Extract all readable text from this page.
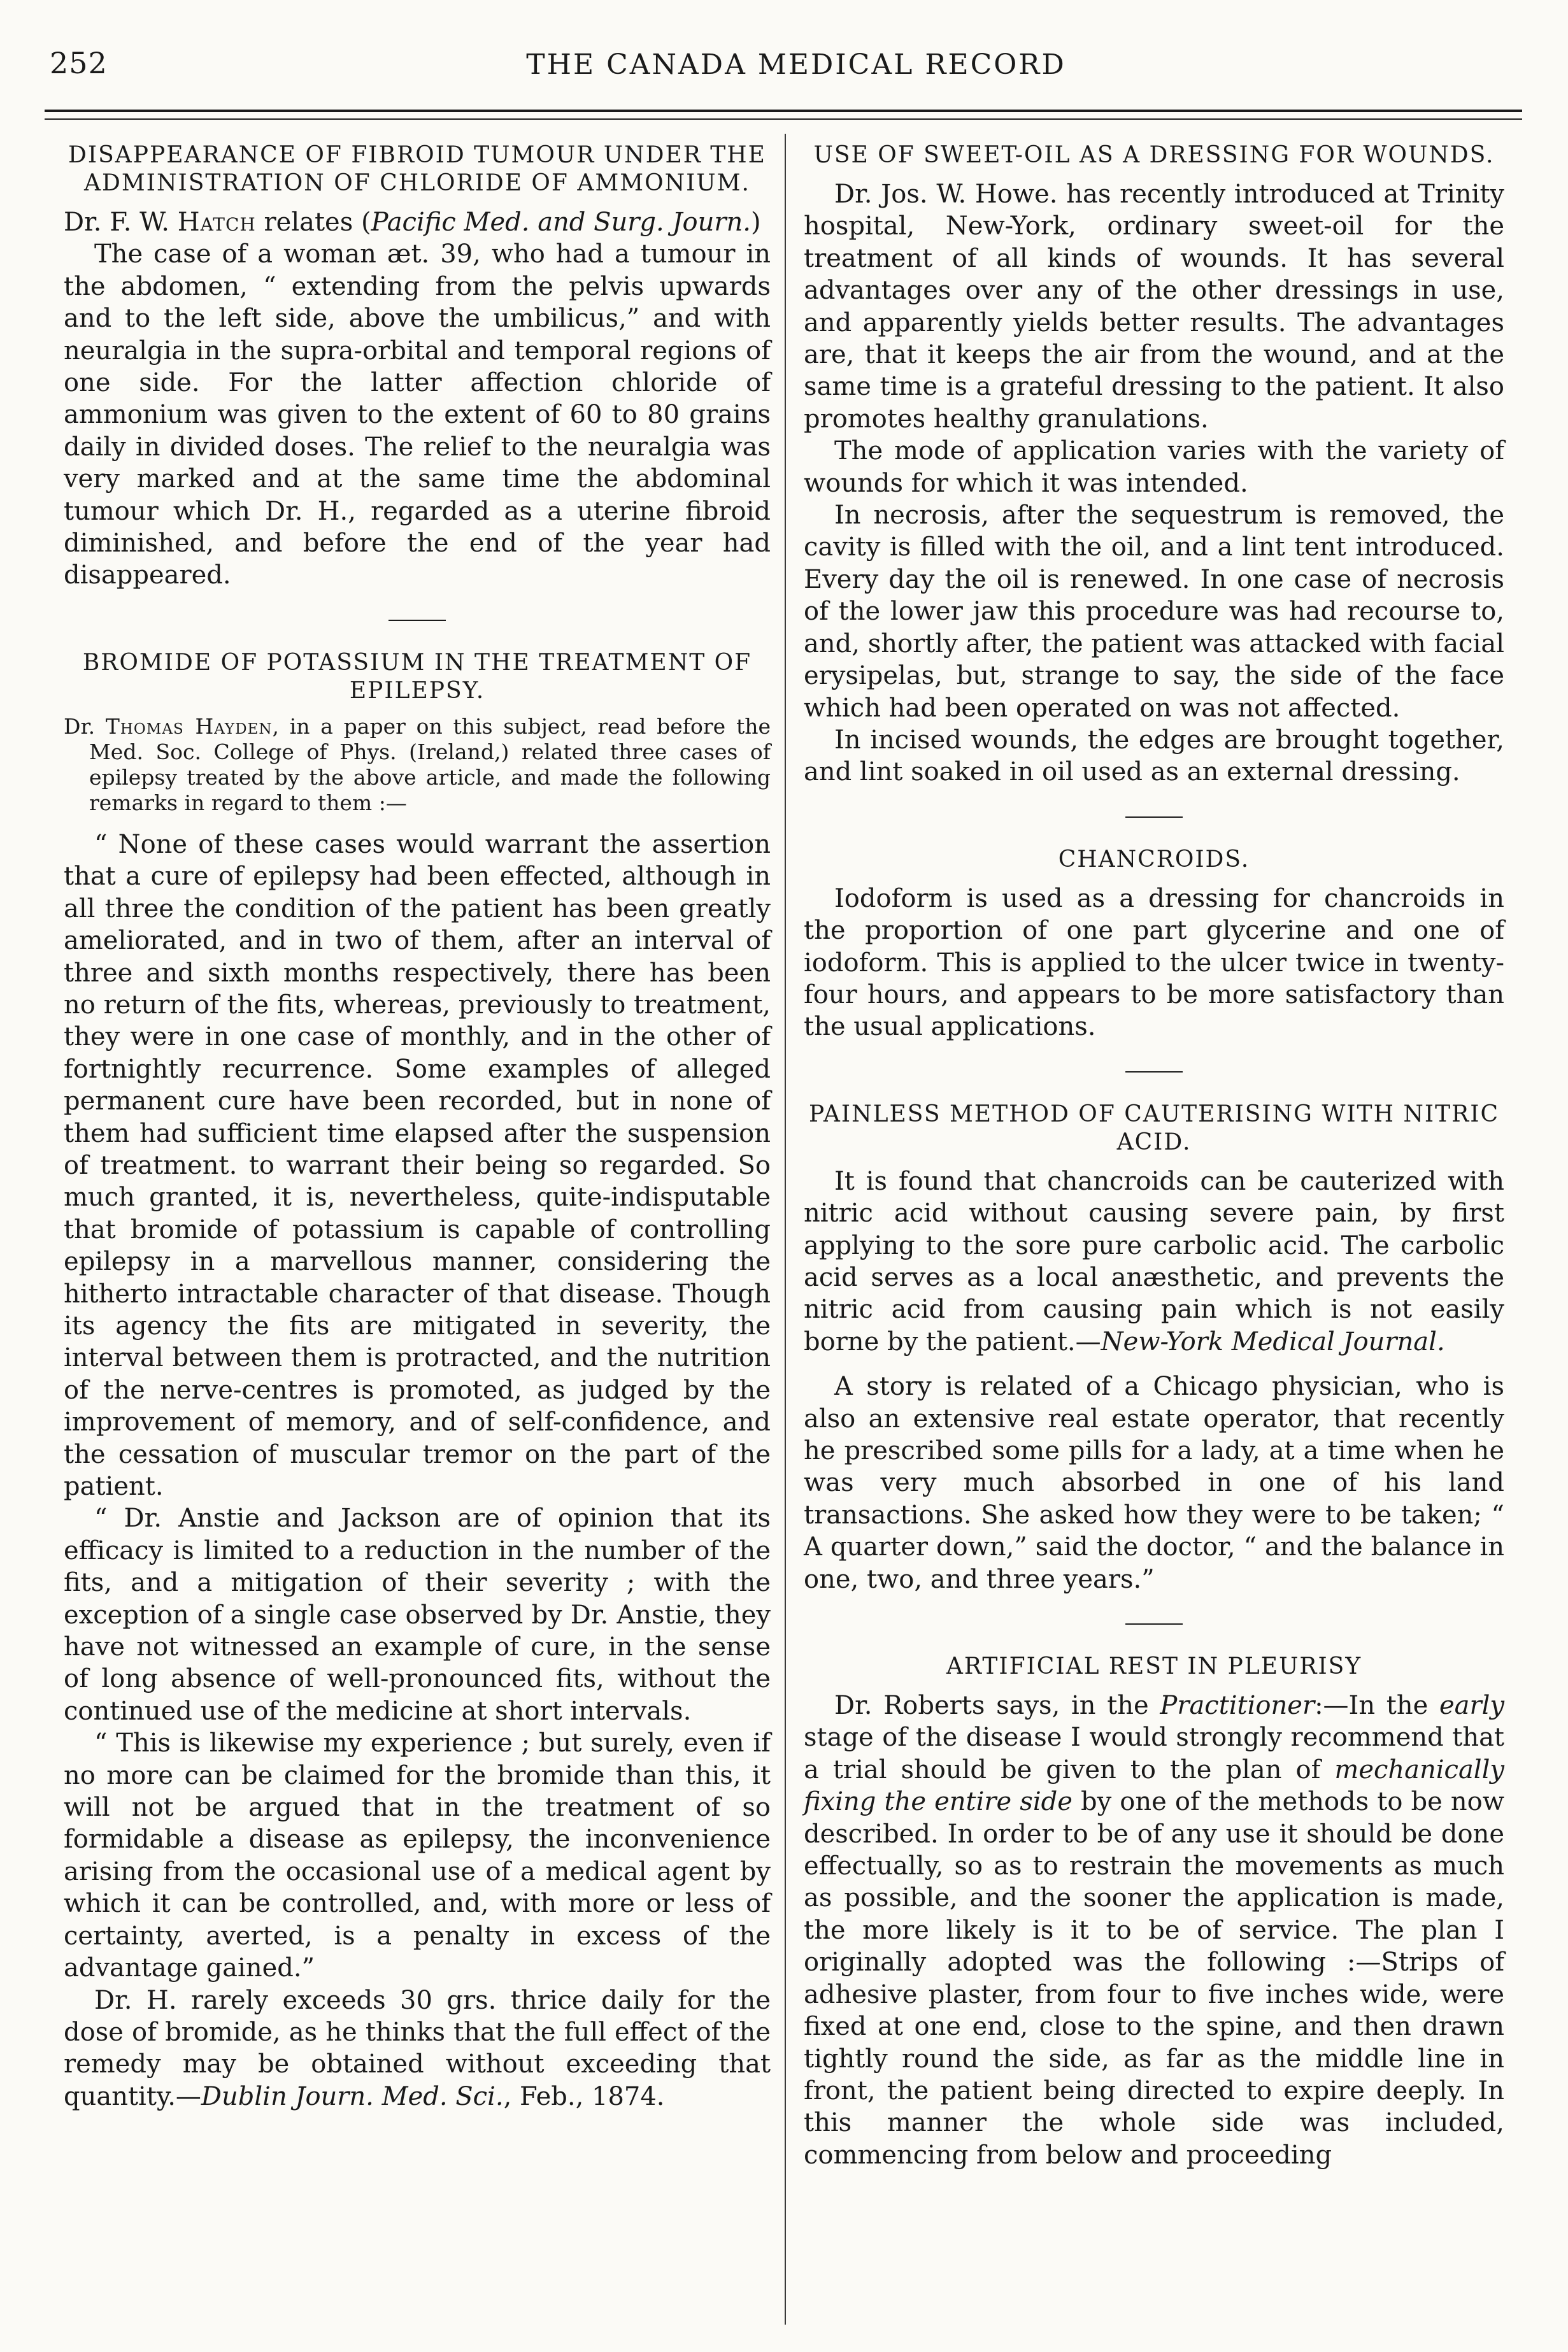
252	THE CANADA MEDICAL RECORD
DISAPPEARANCE OF FIBROID TUMOUR UNDER THE ADMINISTRATION OF CHLORIDE OF AMMONIUM.

Dr. F. W. Hatch relates (Pacific Med. and Surg. Journ.)

The case of a woman æt. 39, who had a tumour in the abdomen, “ extending from the pelvis upwards and to the left side, above the umbilicus,” and with neuralgia in the supra-orbital and temporal regions of one side. For the latter affection chloride of ammonium was given to the extent of 60 to 80 grains daily in divided doses. The relief to the neuralgia was very marked and at the same time the abdominal tumour which Dr. H., regarded as a uterine fibroid diminished, and before the end of the year had disappeared.

BROMIDE OF POTASSIUM IN THE TREATMENT OF EPILEPSY.

Dr. Thomas Hayden, in a paper on this subject, read before the Med. Soc. College of Phys. (Ireland,) related three cases of epilepsy treated by the above article, and made the following remarks in regard to them :—

“ None of these cases would warrant the assertion that a cure of epilepsy had been effected, although in all three the condition of the patient has been greatly ameliorated, and in two of them, after an interval of three and sixth months respectively, there has been no return of the fits, whereas, previously to treatment, they were in one case of monthly, and in the other of fortnightly recurrence. Some examples of alleged permanent cure have been recorded, but in none of them had sufficient time elapsed after the suspension of treatment. to warrant their being so regarded. So much granted, it is, nevertheless, quite-indisputable that bromide of potassium is capable of controlling epilepsy in a marvellous manner, considering the hitherto intractable character of that disease. Though its agency the fits are mitigated in severity, the interval between them is protracted, and the nutrition of the nerve-centres is promoted, as judged by the improvement of memory, and of self-confidence, and the cessation of muscular tremor on the part of the patient.

“ Dr. Anstie and Jackson are of opinion that its efficacy is limited to a reduction in the number of the fits, and a mitigation of their severity ; with the exception of a single case observed by Dr. Anstie, they have not witnessed an example of cure, in the sense of long absence of well-pronounced fits, without the continued use of the medicine at short intervals.

“ This is likewise my experience ; but surely, even if no more can be claimed for the bromide than this, it will not be argued that in the treatment of so formidable a disease as epilepsy, the inconvenience arising from the occasional use of a medical agent by which it can be controlled, and, with more or less of certainty, averted, is a penalty in excess of the advantage gained.”

Dr. H. rarely exceeds 30 grs. thrice daily for the dose of bromide, as he thinks that the full effect of the remedy may be obtained without exceeding that quantity.—Dublin Journ. Med. Sci., Feb., 1874.

USE OF SWEET-OIL AS A DRESSING FOR WOUNDS.

Dr. Jos. W. Howe. has recently introduced at Trinity hospital, New-York, ordinary sweet-oil for the treatment of all kinds of wounds. It has several advantages over any of the other dressings in use, and apparently yields better results. The advantages are, that it keeps the air from the wound, and at the same time is a grateful dressing to the patient. It also promotes healthy granulations.

The mode of application varies with the variety of wounds for which it was intended.

In necrosis, after the sequestrum is removed, the cavity is filled with the oil, and a lint tent introduced. Every day the oil is renewed. In one case of necrosis of the lower jaw this procedure was had recourse to, and, shortly after, the patient was attacked with facial erysipelas, but, strange to say, the side of the face which had been operated on was not affected.

In incised wounds, the edges are brought together, and lint soaked in oil used as an external dressing.

CHANCROIDS.

Iodoform is used as a dressing for chancroids in the proportion of one part glycerine and one of iodoform. This is applied to the ulcer twice in twenty-four hours, and appears to be more satisfactory than the usual applications.

PAINLESS METHOD OF CAUTERISING WITH NITRIC ACID.

It is found that chancroids can be cauterized with nitric acid without causing severe pain, by first applying to the sore pure carbolic acid. The carbolic acid serves as a local anæsthetic, and prevents the nitric acid from causing pain which is not easily borne by the patient.—New-York Medical Journal.

A story is related of a Chicago physician, who is also an extensive real estate operator, that recently he prescribed some pills for a lady, at a time when he was very much absorbed in one of his land transactions. She asked how they were to be taken; “ A quarter down,” said the doctor, “ and the balance in one, two, and three years.”

ARTIFICIAL REST IN PLEURISY

Dr. Roberts says, in the Practitioner:—In the early stage of the disease I would strongly recommend that a trial should be given to the plan of mechanically fixing the entire side by one of the methods to be now described. In order to be of any use it should be done effectually, so as to restrain the movements as much as possible, and the sooner the application is made, the more likely is it to be of service. The plan I originally adopted was the following :—Strips of adhesive plaster, from four to five inches wide, were fixed at one end, close to the spine, and then drawn tightly round the side, as far as the middle line in front, the patient being directed to expire deeply. In this manner the whole side was included, commencing from below and proceeding
